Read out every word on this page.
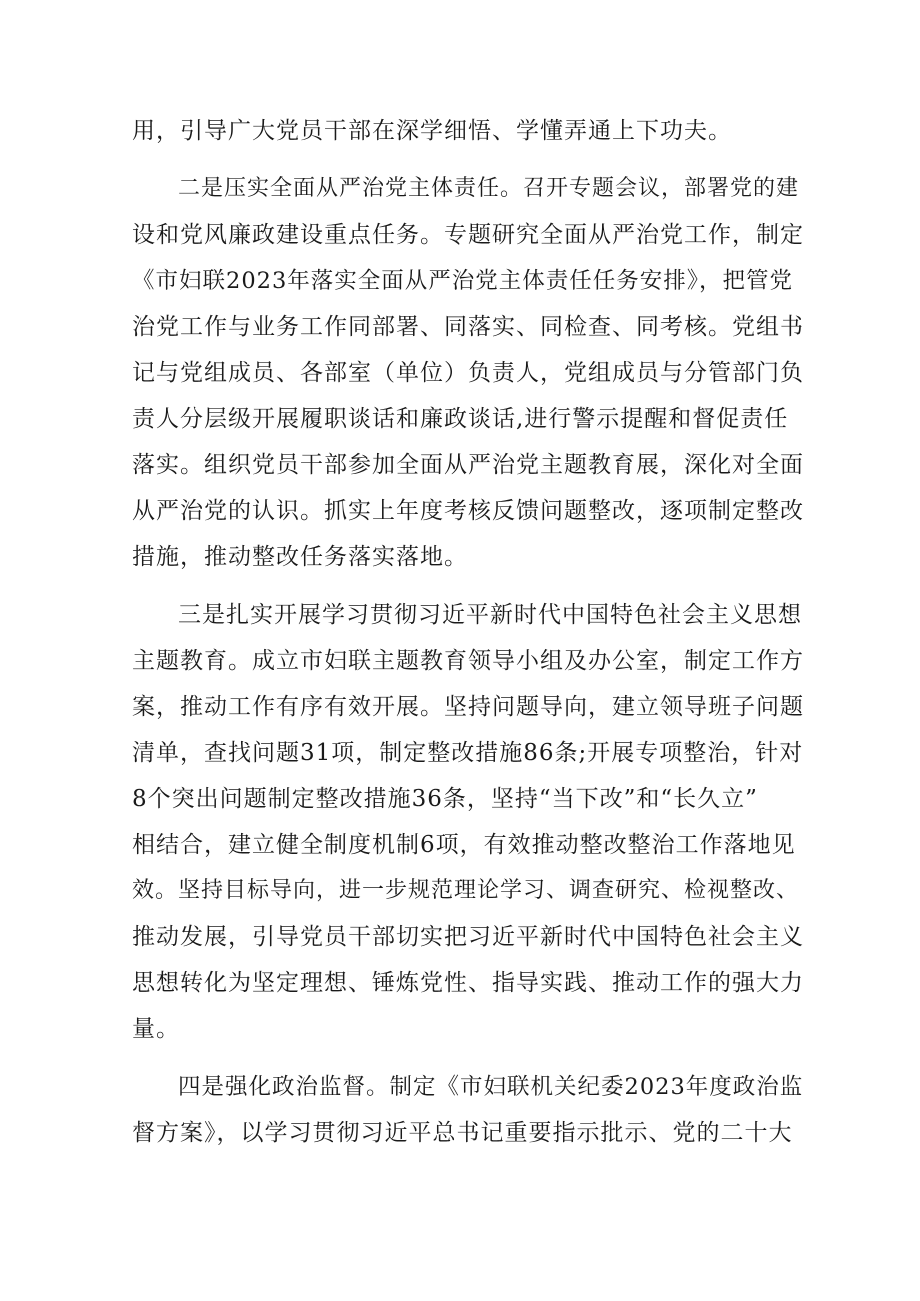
用，引导广大党员干部在深学细悟、学懂弄通上下功夫。
二是压实全面从严治党主体责任。召开专题会议，部署党的建
设和党风廉政建设重点任务。专题研究全面从严治党工作，制定
《市妇联2023年落实全面从严治党主体责任任务安排》，把管党
治党工作与业务工作同部署、同落实、同检查、同考核。党组书
记与党组成员、各部室（单位）负责人，党组成员与分管部门负
责人分层级开展履职谈话和廉政谈话,进行警示提醒和督促责任
落实。组织党员干部参加全面从严治党主题教育展，深化对全面
从严治党的认识。抓实上年度考核反馈问题整改，逐项制定整改
措施，推动整改任务落实落地。
三是扎实开展学习贯彻习近平新时代中国特色社会主义思想
主题教育。成立市妇联主题教育领导小组及办公室，制定工作方
案，推动工作有序有效开展。坚持问题导向，建立领导班子问题
清单，查找问题31项，制定整改措施86条;开展专项整治，针对
8个突出问题制定整改措施36条，坚持“当下改”和“长久立”
相结合，建立健全制度机制6项，有效推动整改整治工作落地见
效。坚持目标导向，进一步规范理论学习、调查研究、检视整改、
推动发展，引导党员干部切实把习近平新时代中国特色社会主义
思想转化为坚定理想、锤炼党性、指导实践、推动工作的强大力
量。
四是强化政治监督。制定《市妇联机关纪委2023年度政治监
督方案》，以学习贯彻习近平总书记重要指示批示、党的二十大
